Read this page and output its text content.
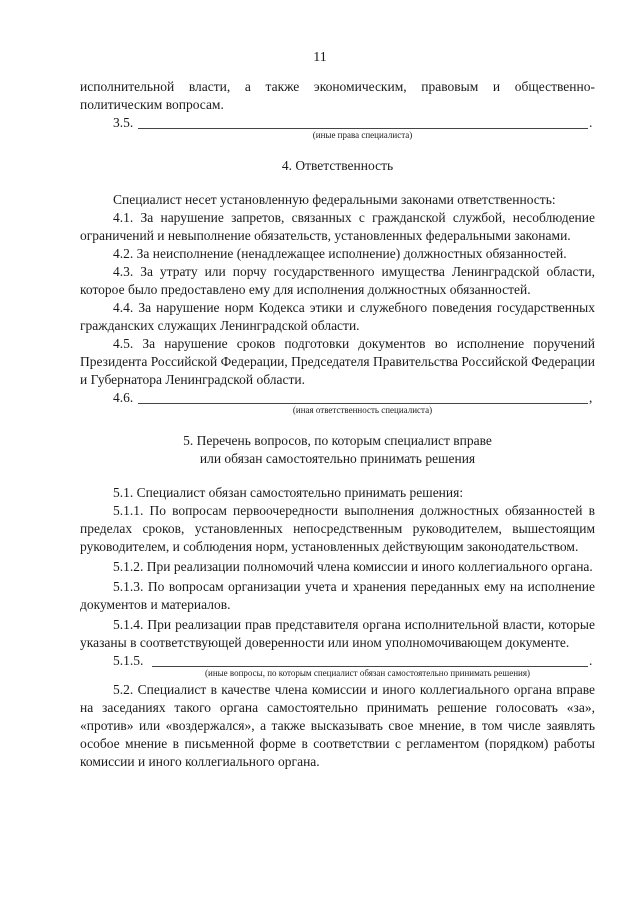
11

исполнительной власти, а также экономическим, правовым и общественно-

политическим вопросам.

3.5.	.

(иные права специалиста)

4. Ответственность

Специалист несет установленную федеральными законами ответственность:

4.1. За нарушение запретов, связанных с гражданской службой, несоблюдение ограничений и невыполнение обязательств, установленных федеральными законами.

4.2. За неисполнение (ненадлежащее исполнение) должностных обязанностей.

4.3. За утрату или порчу государственного имущества Ленинградской области, которое было предоставлено ему для исполнения должностных обязанностей.

4.4. За нарушение норм Кодекса этики и служебного поведения государственных гражданских служащих Ленинградской области.

4.5. За нарушение сроков подготовки документов во исполнение поручений Президента Российской Федерации, Председателя Правительства Российской Федерации и Губернатора Ленинградской области.

4.6.	,

(иная ответственность специалиста)

5. Перечень вопросов, по которым специалист вправе

или обязан самостоятельно принимать решения

5.1. Специалист обязан самостоятельно принимать решения:

5.1.1. По вопросам первоочередности выполнения должностных обязанностей в пределах сроков, установленных непосредственным руководителем, вышестоящим руководителем, и соблюдения норм, установленных действующим законодательством.

5.1.2. При реализации полномочий члена комиссии и иного коллегиального органа.

5.1.3. По вопросам организации учета и хранения переданных ему на исполнение документов и материалов.

5.1.4. При реализации прав представителя органа исполнительной власти, которые указаны в соответствующей доверенности или ином уполномочивающем документе.

5.1.5.	.

(иные вопросы, по которым специалист обязан самостоятельно принимать решения)

5.2. Специалист в качестве члена комиссии и иного коллегиального органа вправе на заседаниях такого органа самостоятельно принимать решение голосовать «за», «против» или «воздержался», а также высказывать свое мнение, в том числе заявлять особое мнение в письменной форме в соответствии с регламентом (порядком) работы комиссии и иного коллегиального органа.
